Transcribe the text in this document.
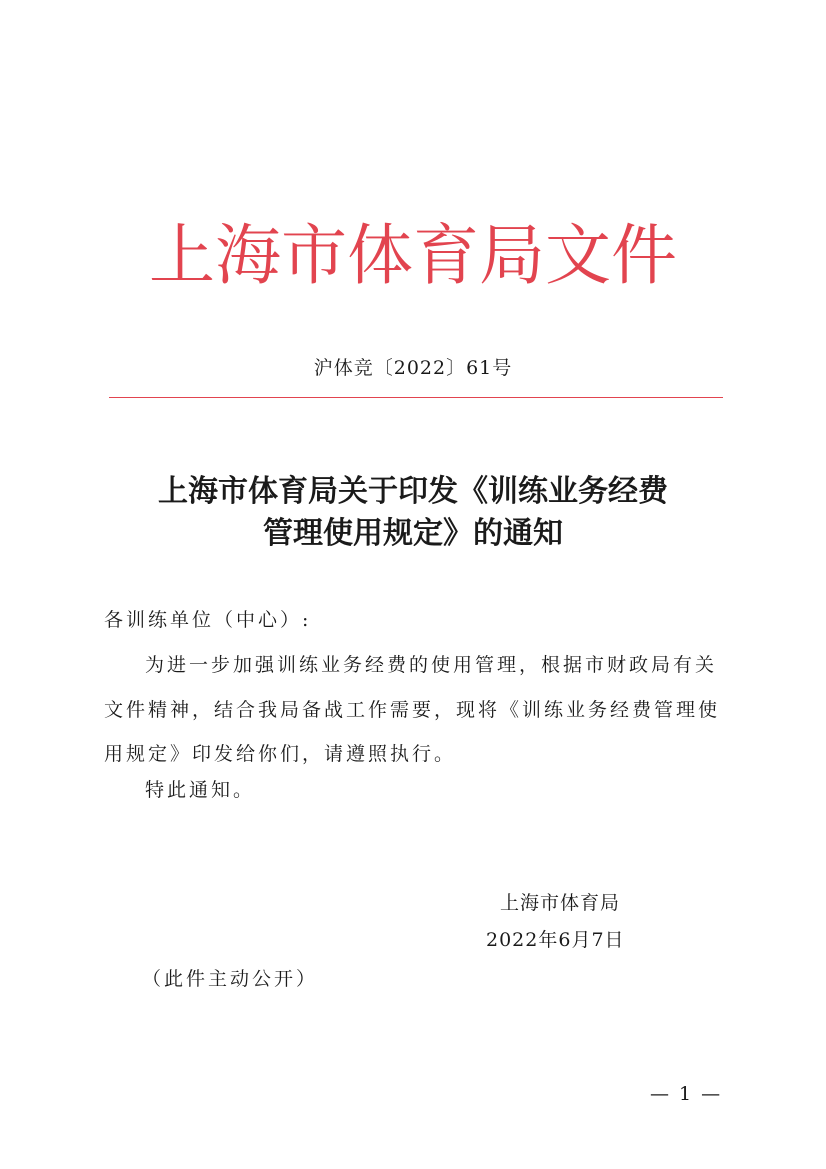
上海市体育局文件
沪体竞〔2022〕61号
上海市体育局关于印发《训练业务经费
管理使用规定》的通知
各训练单位（中心）:
为进一步加强训练业务经费的使用管理，根据市财政局有关
文件精神，结合我局备战工作需要，现将《训练业务经费管理使
用规定》印发给你们，请遵照执行。
特此通知。
上海市体育局
2022年6月7日
（此件主动公开）
— 1 —
